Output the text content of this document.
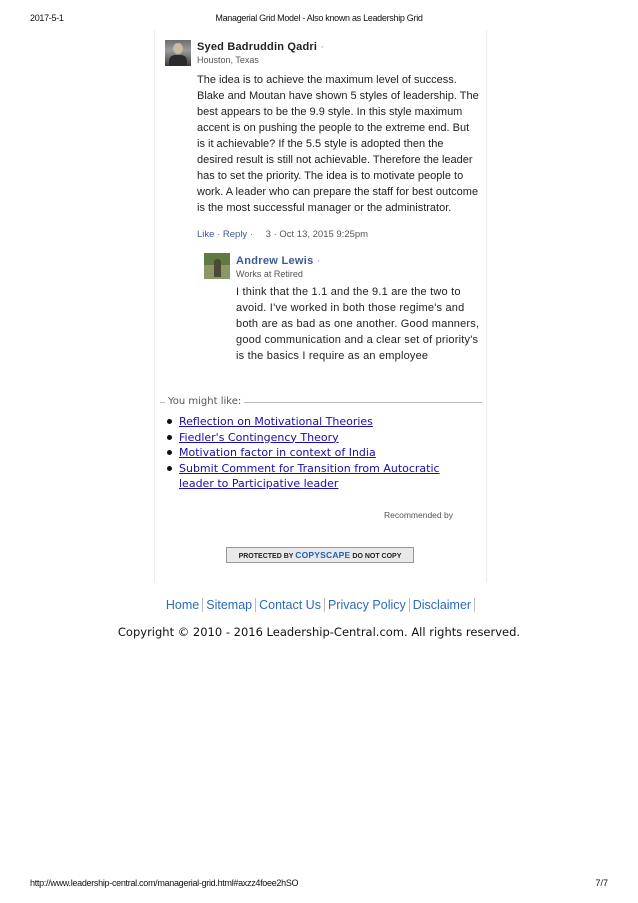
2017-5-1	Managerial Grid Model - Also known as Leadership Grid
Syed Badruddin Qadri ·
Houston, Texas

The idea is to achieve the maximum level of success. Blake and Moutan have shown 5 styles of leadership. The best appears to be the 9.9 style. In this style maximum accent is on pushing the people to the extreme end. But is it achievable? If the 5.5 style is adopted then the desired result is still not achievable. Therefore the leader has to set the priority. The idea is to motivate people to work. A leader who can prepare the staff for best outcome is the most successful manager or the administrator.

Like · Reply · 3 · Oct 13, 2015 9:25pm
Andrew Lewis ·
Works at Retired

I think that the 1.1 and the 9.1 are the two to avoid. I've worked in both those regime's and both are as bad as one another. Good manners, good communication and a clear set of priority's is the basics I require as an employee

You might like:
Reflection on Motivational Theories
Fiedler's Contingency Theory
Motivation factor in context of India
Submit Comment for Transition from Autocratic leader to Participative leader
Recommended by
PROTECTED BY COPYSCAPE DO NOT COPY
Home Sitemap Contact Us Privacy Policy Disclaimer
Copyright © 2010 - 2016 Leadership-Central.com. All rights reserved.
http://www.leadership-central.com/managerial-grid.html#axzz4foee2hSO	7/7
